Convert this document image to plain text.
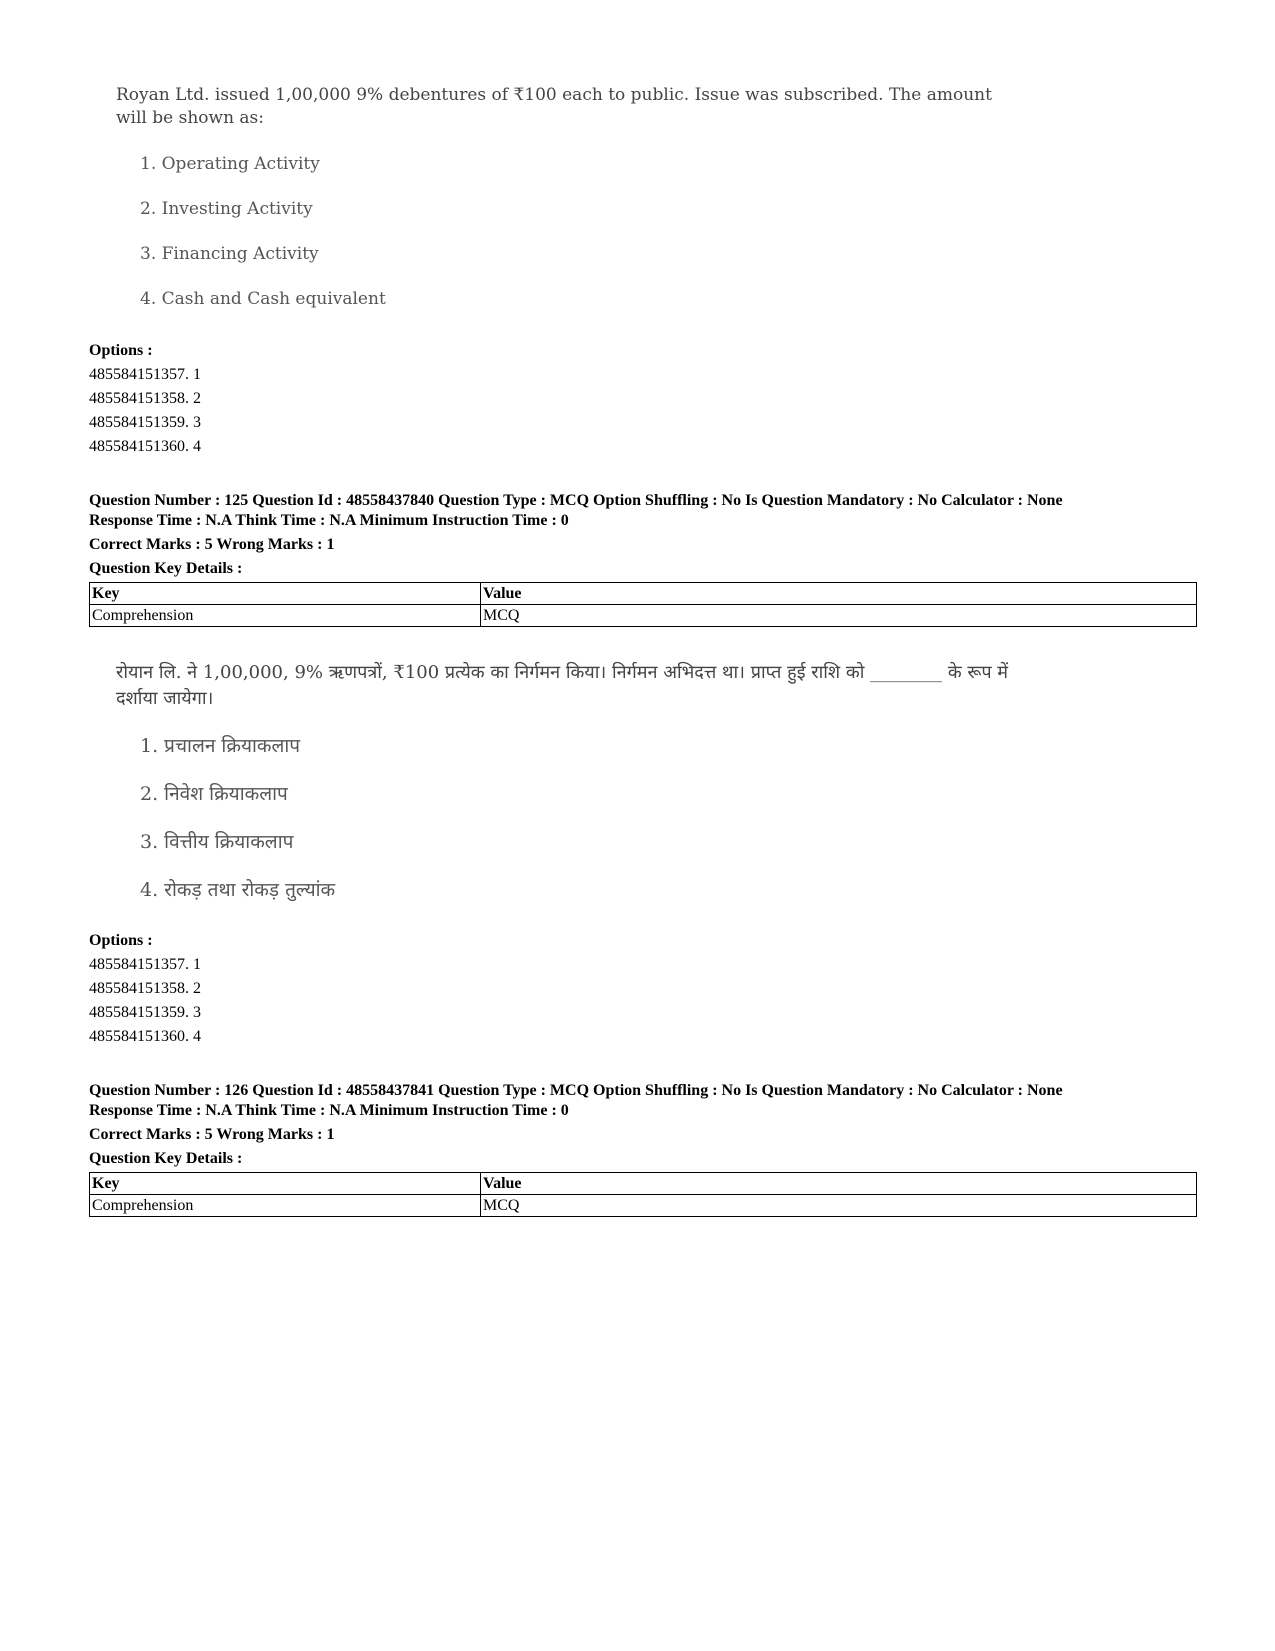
Royan Ltd. issued 1,00,000 9% debentures of ₹100 each to public. Issue was subscribed. The amount will be shown as:
1. Operating Activity
2. Investing Activity
3. Financing Activity
4. Cash and Cash equivalent
Options :
485584151357. 1
485584151358. 2
485584151359. 3
485584151360. 4
Question Number : 125 Question Id : 48558437840 Question Type : MCQ Option Shuffling : No Is Question Mandatory : No Calculator : None
Response Time : N.A Think Time : N.A Minimum Instruction Time : 0
Correct Marks : 5 Wrong Marks : 1
Question Key Details :
Key	Value
Comprehension	MCQ
रोयान लि. ने 1,00,000, 9% ऋणपत्रों, ₹100 प्रत्येक का निर्गमन किया। निर्गमन अभिदत्त था। प्राप्त हुई राशि को ________ के रूप में दर्शाया जायेगा।
1. प्रचालन क्रियाकलाप
2. निवेश क्रियाकलाप
3. वित्तीय क्रियाकलाप
4. रोकड़ तथा रोकड़ तुल्यांक
Options :
485584151357. 1
485584151358. 2
485584151359. 3
485584151360. 4
Question Number : 126 Question Id : 48558437841 Question Type : MCQ Option Shuffling : No Is Question Mandatory : No Calculator : None
Response Time : N.A Think Time : N.A Minimum Instruction Time : 0
Correct Marks : 5 Wrong Marks : 1
Question Key Details :
Key	Value
Comprehension	MCQ
